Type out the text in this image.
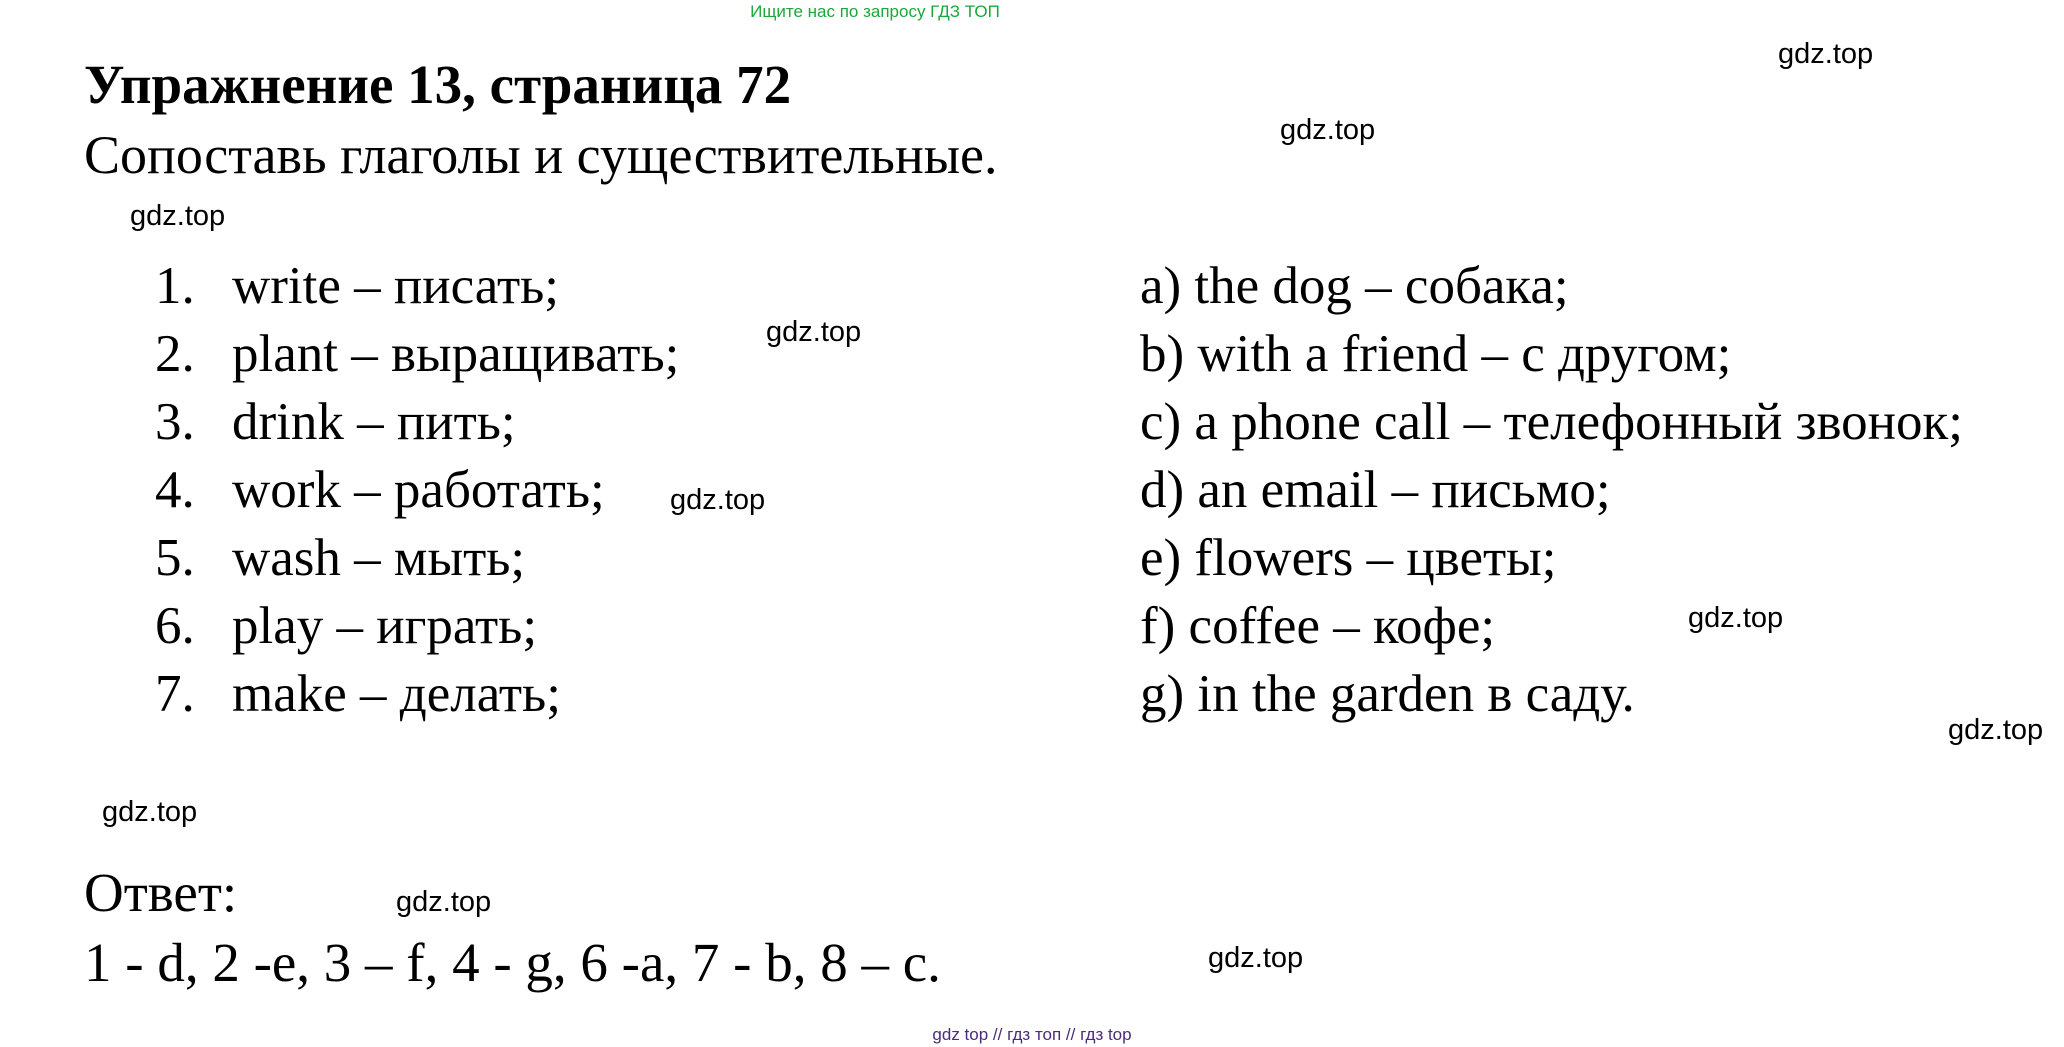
Ищите нас по запросу ГДЗ ТОП
Упражнение 13, страница 72
Сопоставь глаголы и существительные.
1. write – писать;
2. plant – выращивать;
3. drink – пить;
4. work – работать;
5. wash – мыть;
6. play – играть;
7. make – делать;
a) the dog – собака;
b) with a friend – с другом;
c) a phone call – телефонный звонок;
d) an email – письмо;
e) flowers – цветы;
f) coffee – кофе;
g) in the garden в саду.
Ответ:
1 - d, 2 -e, 3 – f, 4 - g, 6 -a, 7 - b, 8 – c.
gdz.top
gdz.top
gdz.top
gdz.top
gdz.top
gdz.top
gdz.top
gdz.top
gdz.top
gdz.top
gdz top // гдз топ // гдз top
